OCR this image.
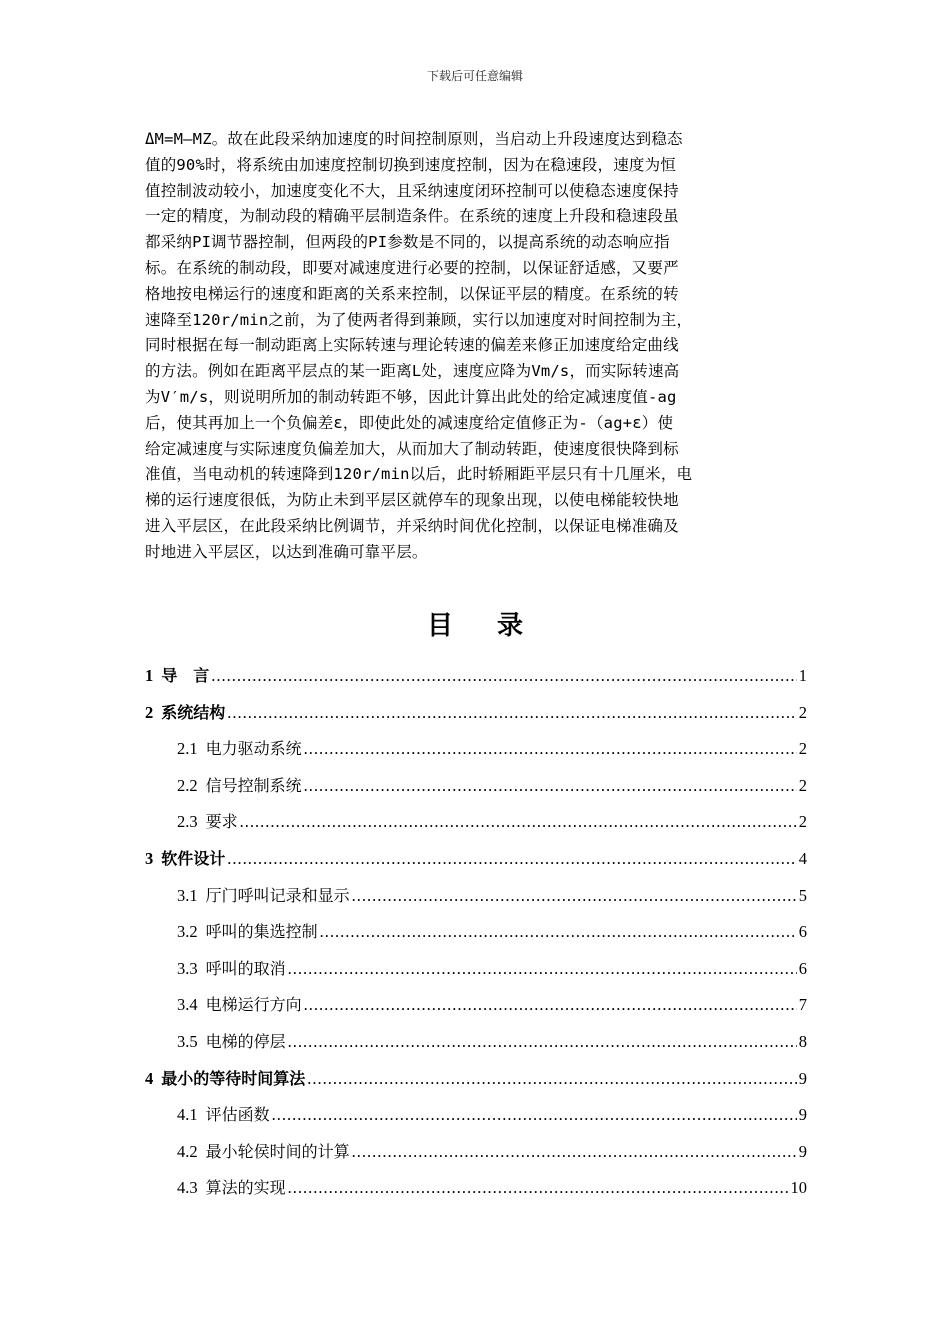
下载后可任意编辑
ΔM=M—MZ。故在此段采纳加速度的时间控制原则，当启动上升段速度达到稳态
值的90%时，将系统由加速度控制切换到速度控制，因为在稳速段，速度为恒
值控制波动较小，加速度变化不大，且采纳速度闭环控制可以使稳态速度保持
一定的精度，为制动段的精确平层制造条件。在系统的速度上升段和稳速段虽
都采纳PI调节器控制，但两段的PI参数是不同的，以提高系统的动态响应指
标。在系统的制动段，即要对减速度进行必要的控制，以保证舒适感，又要严
格地按电梯运行的速度和距离的关系来控制，以保证平层的精度。在系统的转
速降至120r/min之前，为了使两者得到兼顾，实行以加速度对时间控制为主，
同时根据在每一制动距离上实际转速与理论转速的偏差来修正加速度给定曲线
的方法。例如在距离平层点的某一距离L处，速度应降为Vm/s，而实际转速高
为V′m/s，则说明所加的制动转距不够，因此计算出此处的给定减速度值-ag
后，使其再加上一个负偏差ε，即使此处的减速度给定值修正为-（ag+ε）使
给定减速度与实际速度负偏差加大，从而加大了制动转距，使速度很快降到标
准值，当电动机的转速降到120r/min以后，此时轿厢距平层只有十几厘米，电
梯的运行速度很低，为防止未到平层区就停车的现象出现，以使电梯能较快地
进入平层区，在此段采纳比例调节，并采纳时间优化控制，以保证电梯准确及
时地进入平层区，以达到准确可靠平层。
目录
1 导　言 .....	1
2 系统结构 .....	2
2.1 电力驱动系统 .....	2
2.2 信号控制系统 .....	2
2.3 要求 .....	2
3 软件设计 .....	4
3.1 厅门呼叫记录和显示 .....	5
3.2 呼叫的集选控制 .....	6
3.3 呼叫的取消 .....	6
3.4 电梯运行方向 .....	7
3.5 电梯的停层 .....	8
4 最小的等待时间算法 .....	9
4.1 评估函数 .....	9
4.2 最小轮侯时间的计算 .....	9
4.3 算法的实现 .....	10
